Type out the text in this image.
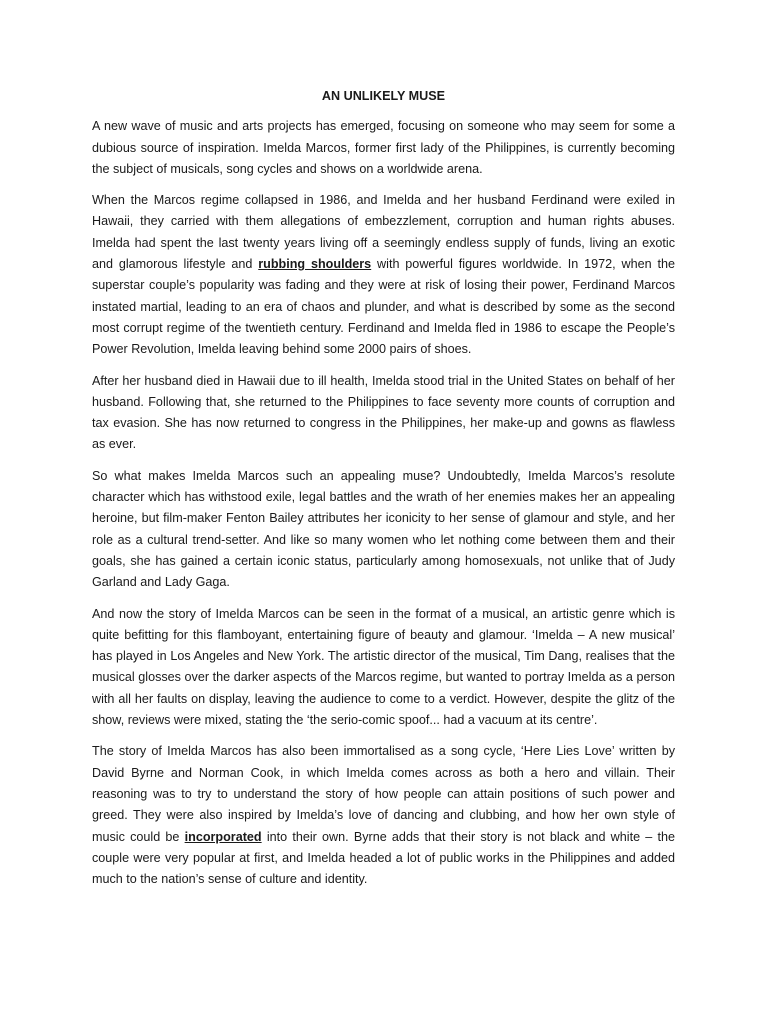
AN UNLIKELY MUSE

A new wave of music and arts projects has emerged, focusing on someone who may seem for some a dubious source of inspiration. Imelda Marcos, former first lady of the Philippines, is currently becoming the subject of musicals, song cycles and shows on a worldwide arena.

When the Marcos regime collapsed in 1986, and Imelda and her husband Ferdinand were exiled in Hawaii, they carried with them allegations of embezzlement, corruption and human rights abuses. Imelda had spent the last twenty years living off a seemingly endless supply of funds, living an exotic and glamorous lifestyle and rubbing shoulders with powerful figures worldwide. In 1972, when the superstar couple’s popularity was fading and they were at risk of losing their power, Ferdinand Marcos instated martial, leading to an era of chaos and plunder, and what is described by some as the second most corrupt regime of the twentieth century. Ferdinand and Imelda fled in 1986 to escape the People’s Power Revolution, Imelda leaving behind some 2000 pairs of shoes.

After her husband died in Hawaii due to ill health, Imelda stood trial in the United States on behalf of her husband. Following that, she returned to the Philippines to face seventy more counts of corruption and tax evasion. She has now returned to congress in the Philippines, her make-up and gowns as flawless as ever.

So what makes Imelda Marcos such an appealing muse? Undoubtedly, Imelda Marcos’s resolute character which has withstood exile, legal battles and the wrath of her enemies makes her an appealing heroine, but film-maker Fenton Bailey attributes her iconicity to her sense of glamour and style, and her role as a cultural trend-setter. And like so many women who let nothing come between them and their goals, she has gained a certain iconic status, particularly among homosexuals, not unlike that of Judy Garland and Lady Gaga.

And now the story of Imelda Marcos can be seen in the format of a musical, an artistic genre which is quite befitting for this flamboyant, entertaining figure of beauty and glamour. ‘Imelda – A new musical’ has played in Los Angeles and New York. The artistic director of the musical, Tim Dang, realises that the musical glosses over the darker aspects of the Marcos regime, but wanted to portray Imelda as a person with all her faults on display, leaving the audience to come to a verdict. However, despite the glitz of the show, reviews were mixed, stating the ‘the serio-comic spoof... had a vacuum at its centre’.

The story of Imelda Marcos has also been immortalised as a song cycle, ‘Here Lies Love’ written by David Byrne and Norman Cook, in which Imelda comes across as both a hero and villain. Their reasoning was to try to understand the story of how people can attain positions of such power and greed. They were also inspired by Imelda’s love of dancing and clubbing, and how her own style of music could be incorporated into their own. Byrne adds that their story is not black and white – the couple were very popular at first, and Imelda headed a lot of public works in the Philippines and added much to the nation’s sense of culture and identity.
